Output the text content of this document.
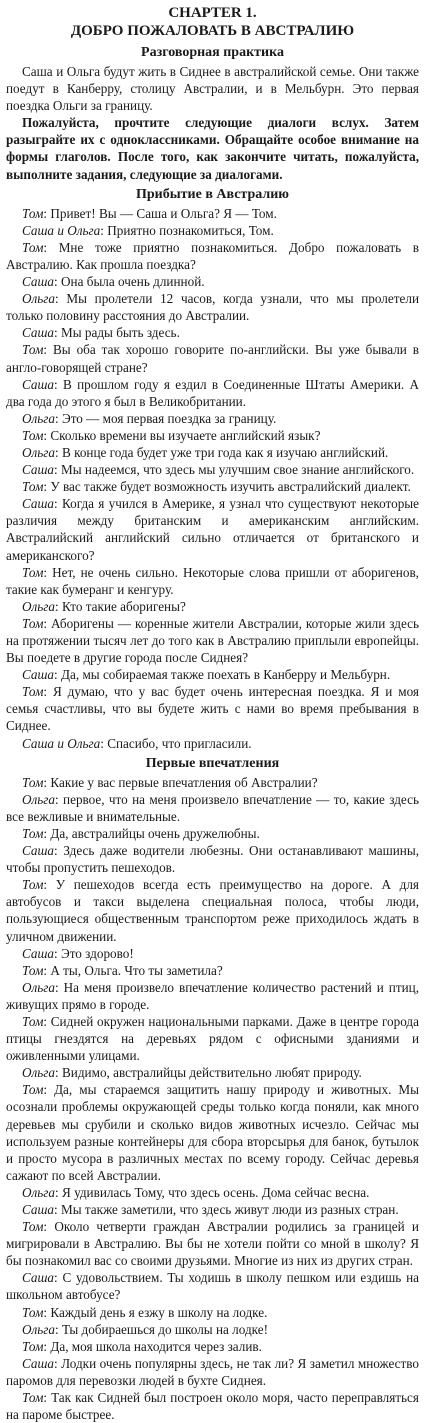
CHAPTER 1.
ДОБРО ПОЖАЛОВАТЬ В АВСТРАЛИЮ
Разговорная практика

Саша и Ольга будут жить в Сиднее в австралийской семье. Они также поедут в Канберру, столицу Австралии, и в Мельбурн. Это первая поездка Ольги за границу.

Пожалуйста, прочтите следующие диалоги вслух. Затем разыграйте их с одноклассниками. Обращайте особое внимание на формы глаголов. После того, как закончите читать, пожалуйста, выполните задания, следующие за диалогами.

Прибытие в Австралию

Том: Привет! Вы — Саша и Ольга? Я — Том.

Саша и Ольга: Приятно познакомиться, Том.

Том: Мне тоже приятно познакомиться. Добро пожаловать в Австралию. Как прошла поездка?

Саша: Она была очень длинной.

Ольга: Мы пролетели 12 часов, когда узнали, что мы пролетели только половину расстояния до Австралии.

Саша: Мы рады быть здесь.

Том: Вы оба так хорошо говорите по-английски. Вы уже бывали в англо-говорящей стране?

Саша: В прошлом году я ездил в Соединенные Штаты Америки. А два года до этого я был в Великобритании.

Ольга: Это — моя первая поездка за границу.

Том: Сколько времени вы изучаете английский язык?

Ольга: В конце года будет уже три года как я изучаю английский.

Саша: Мы надеемся, что здесь мы улучшим свое знание английского.

Том: У вас также будет возможность изучить австралийский диалект.

Саша: Когда я учился в Америке, я узнал что существуют некоторые различия между британским и американским английским. Австралийский английский сильно отличается от британского и американского?

Том: Нет, не очень сильно. Некоторые слова пришли от аборигенов, такие как бумеранг и кенгуру.

Ольга: Кто такие аборигены?

Том: Аборигены — коренные жители Австралии, которые жили здесь на протяжении тысяч лет до того как в Австралию приплыли европейцы. Вы поедете в другие города после Сиднея?

Саша: Да, мы собираемая также поехать в Канберру и Мельбурн.

Том: Я думаю, что у вас будет очень интересная поездка. Я и моя семья счастливы, что вы будете жить с нами во время пребывания в Сиднее.

Саша и Ольга: Спасибо, что пригласили.

Первые впечатления

Том: Какие у вас первые впечатления об Австралии?

Ольга: первое, что на меня произвело впечатление — то, какие здесь все вежливые и внимательные.

Том: Да, австралийцы очень дружелюбны.

Саша: Здесь даже водители любезны. Они останавливают машины, чтобы пропустить пешеходов.

Том: У пешеходов всегда есть преимущество на дороге. А для автобусов и такси выделена специальная полоса, чтобы люди, пользующиеся общественным транспортом реже приходилось ждать в уличном движении.

Саша: Это здорово!

Том: А ты, Ольга. Что ты заметила?

Ольга: На меня произвело впечатление количество растений и птиц, живущих прямо в городе.

Том: Сидней окружен национальными парками. Даже в центре города птицы гнездятся на деревьях рядом с офисными зданиями и оживленными улицами.

Ольга: Видимо, австралийцы действительно любят природу.

Том: Да, мы стараемся защитить нашу природу и животных. Мы осознали проблемы окружающей среды только когда поняли, как много деревьев мы срубили и сколько видов животных исчезло. Сейчас мы используем разные контейнеры для сбора вторсырья для банок, бутылок и просто мусора в различных местах по всему городу. Сейчас деревья сажают по всей Австралии.

Ольга: Я удивилась Тому, что здесь осень. Дома сейчас весна.

Саша: Мы также заметили, что здесь живут люди из разных стран.

Том: Около четверти граждан Австралии родились за границей и мигрировали в Австралию. Вы бы не хотели пойти со мной в школу? Я бы познакомил вас со своими друзьями. Многие из них из других стран.

Саша: С удовольствием. Ты ходишь в школу пешком или ездишь на школьном автобусе?

Том: Каждый день я езжу в школу на лодке.

Ольга: Ты добираешься до школы на лодке!

Том: Да, моя школа находится через залив.

Саша: Лодки очень популярны здесь, не так ли? Я заметил множество паромов для перевозки людей в бухте Сиднея.

Том: Так как Сидней был построен около моря, часто переправляться на пароме быстрее.
